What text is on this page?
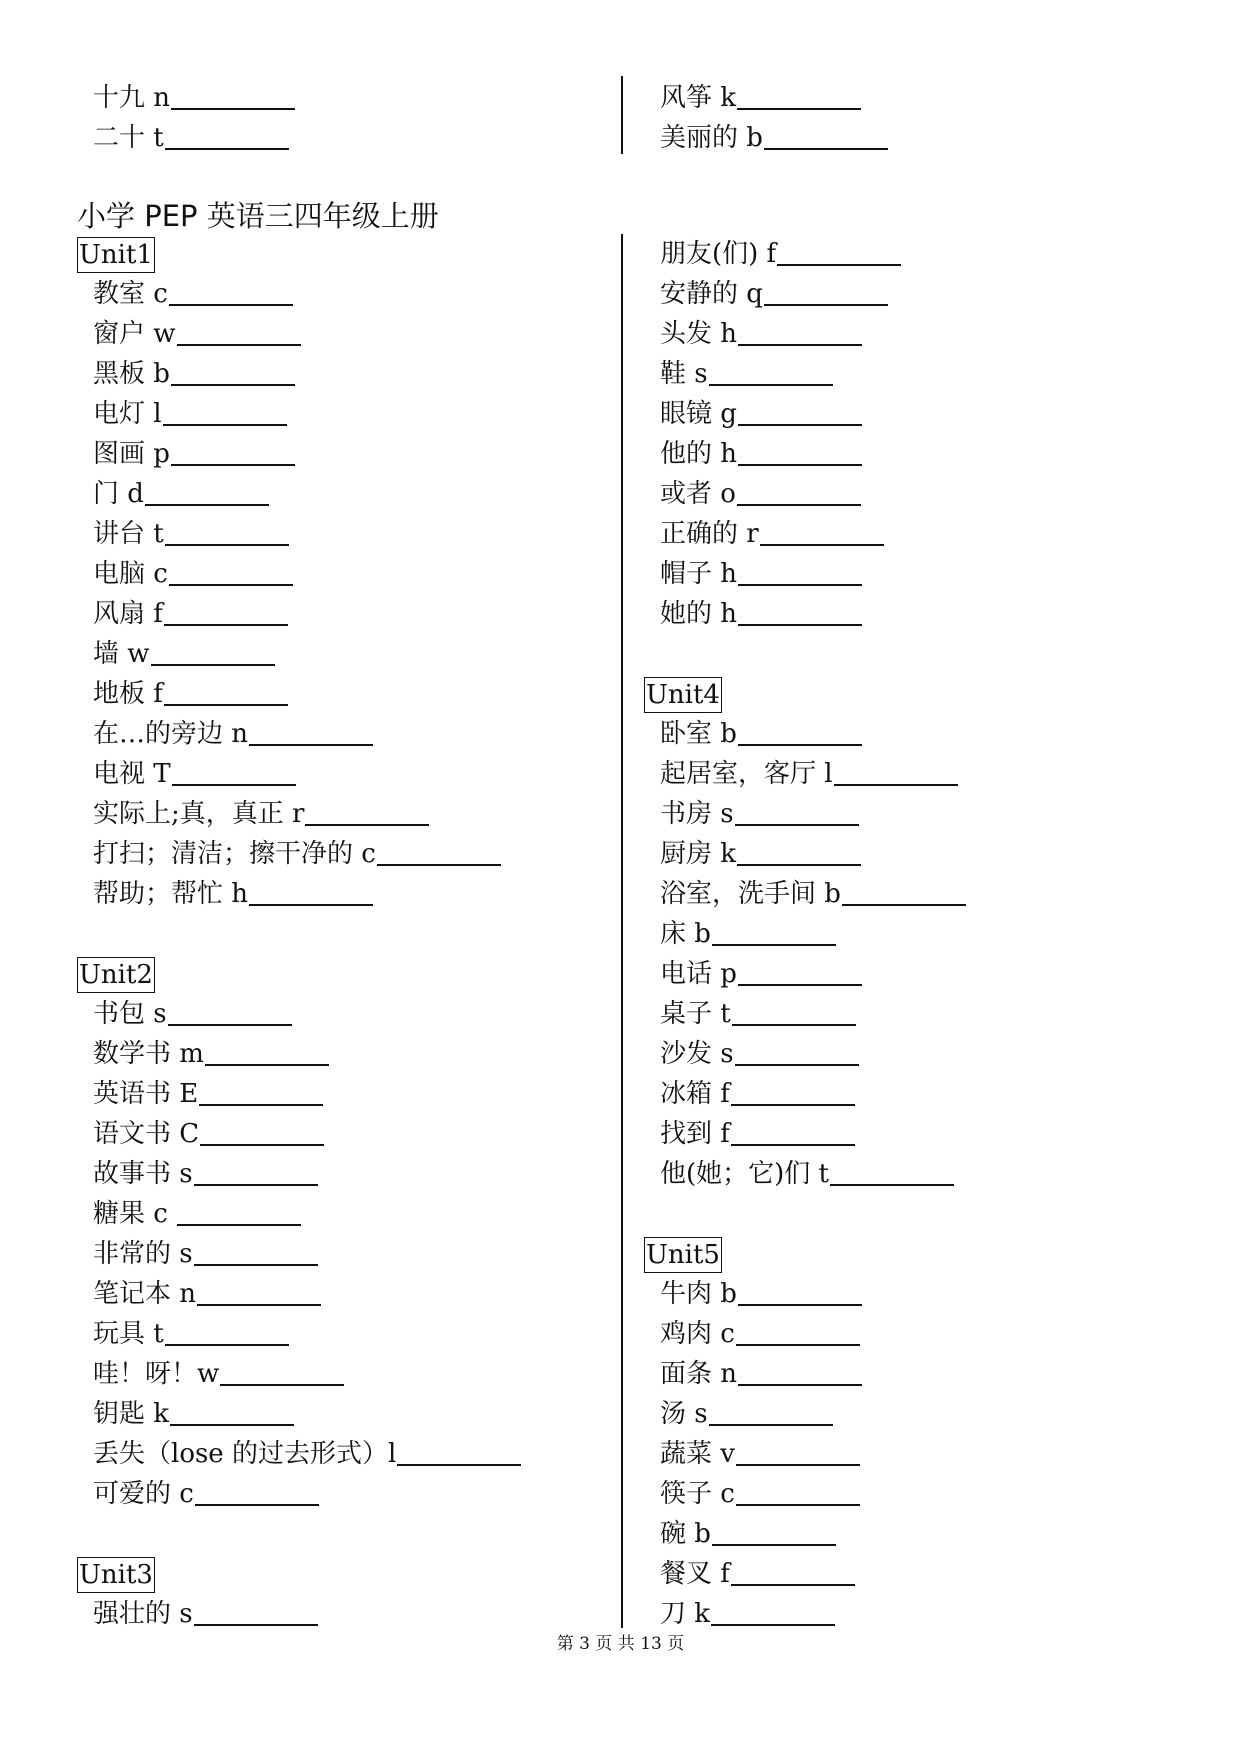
十九 n
二十 t
风筝 k
美丽的 b
小学 PEP 英语三四年级上册
Unit1
教室 c
窗户 w
黑板 b
电灯 l
图画 p
门 d
讲台 t
电脑 c
风扇 f
墙 w
地板 f
在…的旁边 n
电视 T
实际上;真，真正 r
打扫；清洁；擦干净的 c
帮助；帮忙 h
Unit2
书包 s
数学书 m
英语书 E
语文书 C
故事书 s
糖果 c
非常的 s
笔记本 n
玩具 t
哇！呀！w
钥匙 k
丢失（lose 的过去形式）l
可爱的 c
Unit3
强壮的 s
朋友(们) f
安静的 q
头发 h
鞋 s
眼镜 g
他的 h
或者 o
正确的 r
帽子 h
她的 h
Unit4
卧室 b
起居室，客厅 l
书房 s
厨房 k
浴室，洗手间 b
床 b
电话 p
桌子 t
沙发 s
冰箱 f
找到 f
他(她；它)们 t
Unit5
牛肉 b
鸡肉 c
面条 n
汤 s
蔬菜 v
筷子 c
碗 b
餐叉 f
刀 k
第 3 页 共 13 页
